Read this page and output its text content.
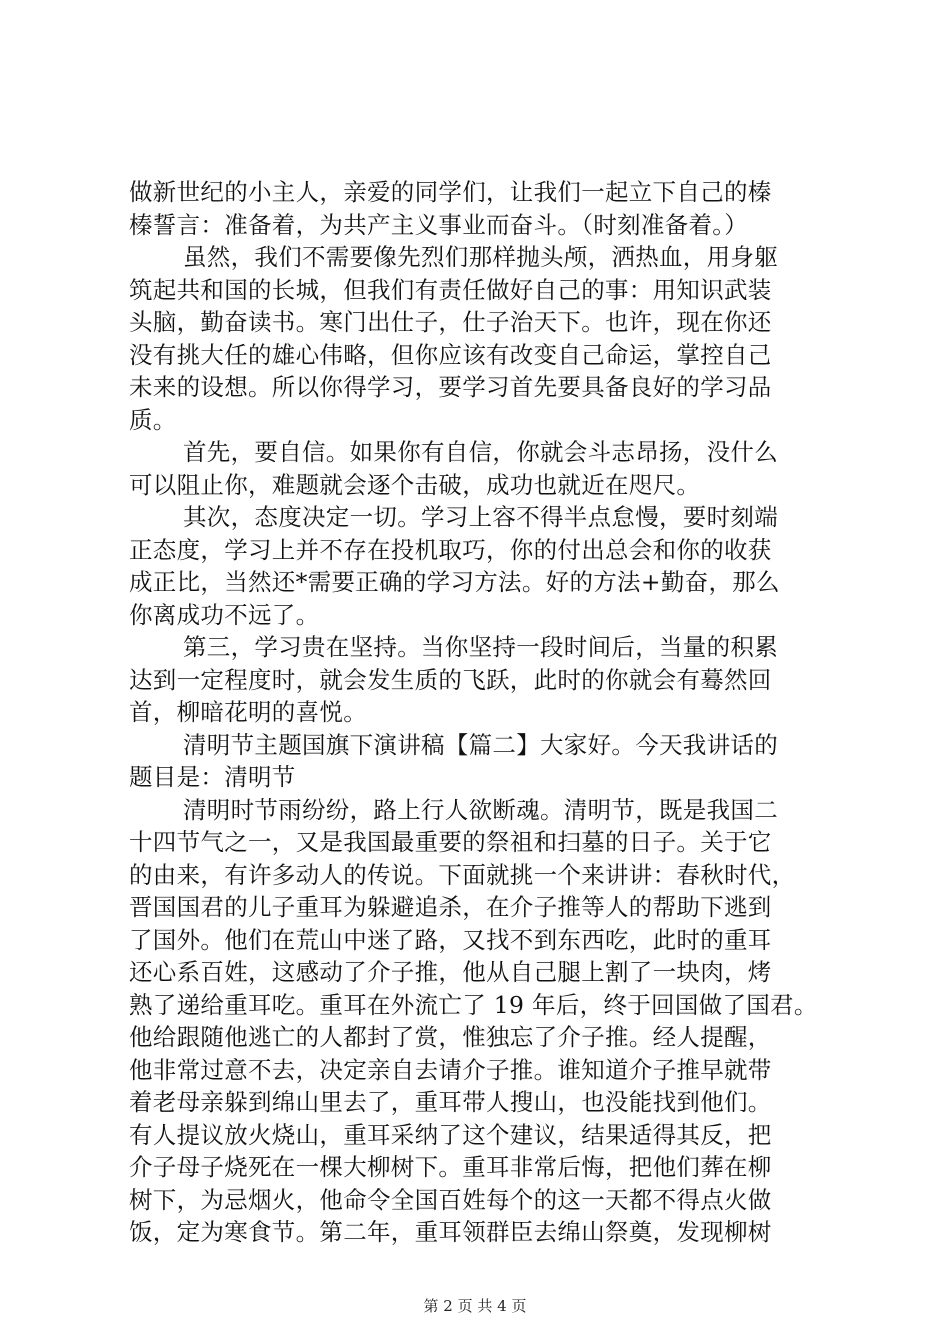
做新世纪的小主人，亲爱的同学们，让我们一起立下自己的榛
榛誓言：准备着，为共产主义事业而奋斗。（时刻准备着。）
虽然，我们不需要像先烈们那样抛头颅，洒热血，用身躯
筑起共和国的长城，但我们有责任做好自己的事：用知识武装
头脑，勤奋读书。寒门出仕子，仕子治天下。也许，现在你还
没有挑大任的雄心伟略，但你应该有改变自己命运，掌控自己
未来的设想。所以你得学习，要学习首先要具备良好的学习品
质。
首先，要自信。如果你有自信，你就会斗志昂扬，没什么
可以阻止你，难题就会逐个击破，成功也就近在咫尺。
其次，态度决定一切。学习上容不得半点怠慢，要时刻端
正态度，学习上并不存在投机取巧，你的付出总会和你的收获
成正比，当然还*需要正确的学习方法。好的方法+勤奋，那么
你离成功不远了。
第三，学习贵在坚持。当你坚持一段时间后，当量的积累
达到一定程度时，就会发生质的飞跃，此时的你就会有蓦然回
首，柳暗花明的喜悦。
清明节主题国旗下演讲稿【篇二】大家好。今天我讲话的
题目是：清明节
清明时节雨纷纷，路上行人欲断魂。清明节，既是我国二
十四节气之一，又是我国最重要的祭祖和扫墓的日子。关于它
的由来，有许多动人的传说。下面就挑一个来讲讲：春秋时代，
晋国国君的儿子重耳为躲避追杀，在介子推等人的帮助下逃到
了国外。他们在荒山中迷了路，又找不到东西吃，此时的重耳
还心系百姓，这感动了介子推，他从自己腿上割了一块肉，烤
熟了递给重耳吃。重耳在外流亡了 19 年后，终于回国做了国君。
他给跟随他逃亡的人都封了赏，惟独忘了介子推。经人提醒，
他非常过意不去，决定亲自去请介子推。谁知道介子推早就带
着老母亲躲到绵山里去了，重耳带人搜山，也没能找到他们。
有人提议放火烧山，重耳采纳了这个建议，结果适得其反，把
介子母子烧死在一棵大柳树下。重耳非常后悔，把他们葬在柳
树下，为忌烟火，他命令全国百姓每个的这一天都不得点火做
饭，定为寒食节。第二年，重耳领群臣去绵山祭奠，发现柳树
第 2 页 共 4 页
